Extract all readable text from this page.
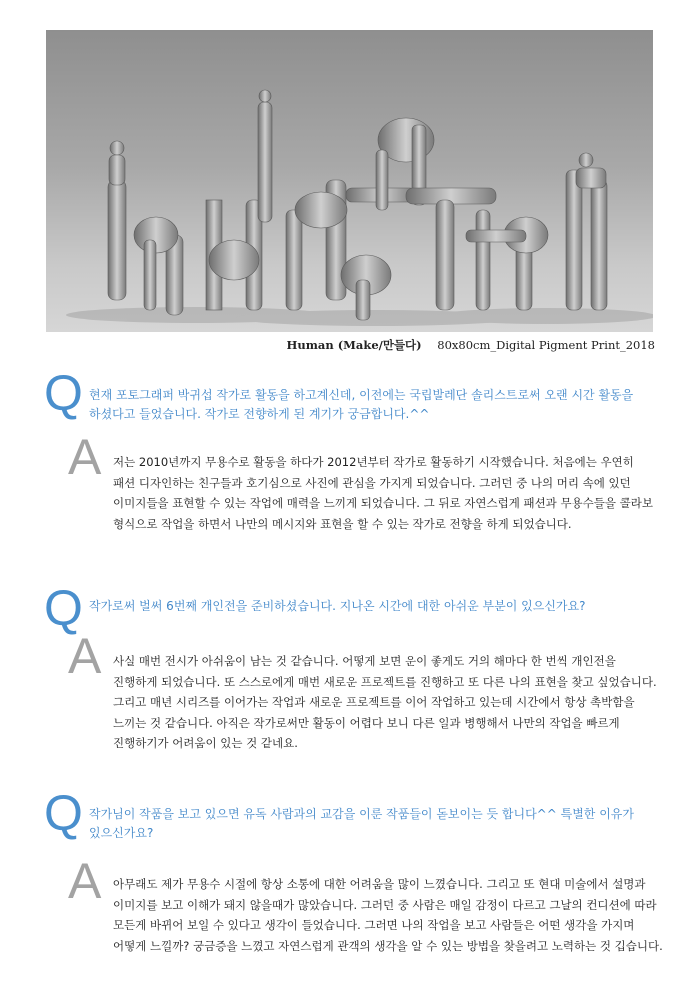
Human (Make/만들다) 80x80cm_Digital Pigment Print_2018
Q 현재 포토그래퍼 박귀섭 작가로 활동을 하고계신데, 이전에는 국립발레단 솔리스트로써 오랜 시간 활동을
하셨다고 들었습니다. 작가로 전향하게 된 계기가 궁금합니다.^^
A 저는 2010년까지 무용수로 활동을 하다가 2012년부터 작가로 활동하기 시작했습니다. 처음에는 우연히
패션 디자인하는 친구들과 호기심으로 사진에 관심을 가지게 되었습니다. 그러던 중 나의 머리 속에 있던
이미지들을 표현할 수 있는 작업에 매력을 느끼게 되었습니다. 그 뒤로 자연스럽게 패션과 무용수들을 콜라보
형식으로 작업을 하면서 나만의 메시지와 표현을 할 수 있는 작가로 전향을 하게 되었습니다.
Q 작가로써 벌써 6번째 개인전을 준비하셨습니다. 지나온 시간에 대한 아쉬운 부분이 있으신가요?
A 사실 매번 전시가 아쉬움이 남는 것 같습니다. 어떻게 보면 운이 좋게도 거의 해마다 한 번씩 개인전을
진행하게 되었습니다. 또 스스로에게 매번 새로운 프로젝트를 진행하고 또 다른 나의 표현을 찾고 싶었습니다.
그리고 매년 시리즈를 이어가는 작업과 새로운 프로젝트를 이어 작업하고 있는데 시간에서 항상 촉박함을
느끼는 것 같습니다. 아직은 작가로써만 활동이 어렵다 보니 다른 일과 병행해서 나만의 작업을 빠르게
진행하기가 어려움이 있는 것 같네요.
Q 작가님이 작품을 보고 있으면 유독 사람과의 교감을 이룬 작품들이 돋보이는 듯 합니다^^ 특별한 이유가
있으신가요?
A 아무래도 제가 무용수 시절에 항상 소통에 대한 어려움을 많이 느꼈습니다. 그리고 또 현대 미술에서 설명과
이미지를 보고 이해가 돼지 않을때가 많았습니다. 그러던 중 사람은 매일 감정이 다르고 그날의 컨디션에 따라
모든게 바뀌어 보일 수 있다고 생각이 들었습니다. 그러면 나의 작업을 보고 사람들은 어떤 생각을 가지며
어떻게 느낄까? 궁금증을 느꼈고 자연스럽게 관객의 생각을 알 수 있는 방법을 찾을려고 노력하는 것 깁습니다.
